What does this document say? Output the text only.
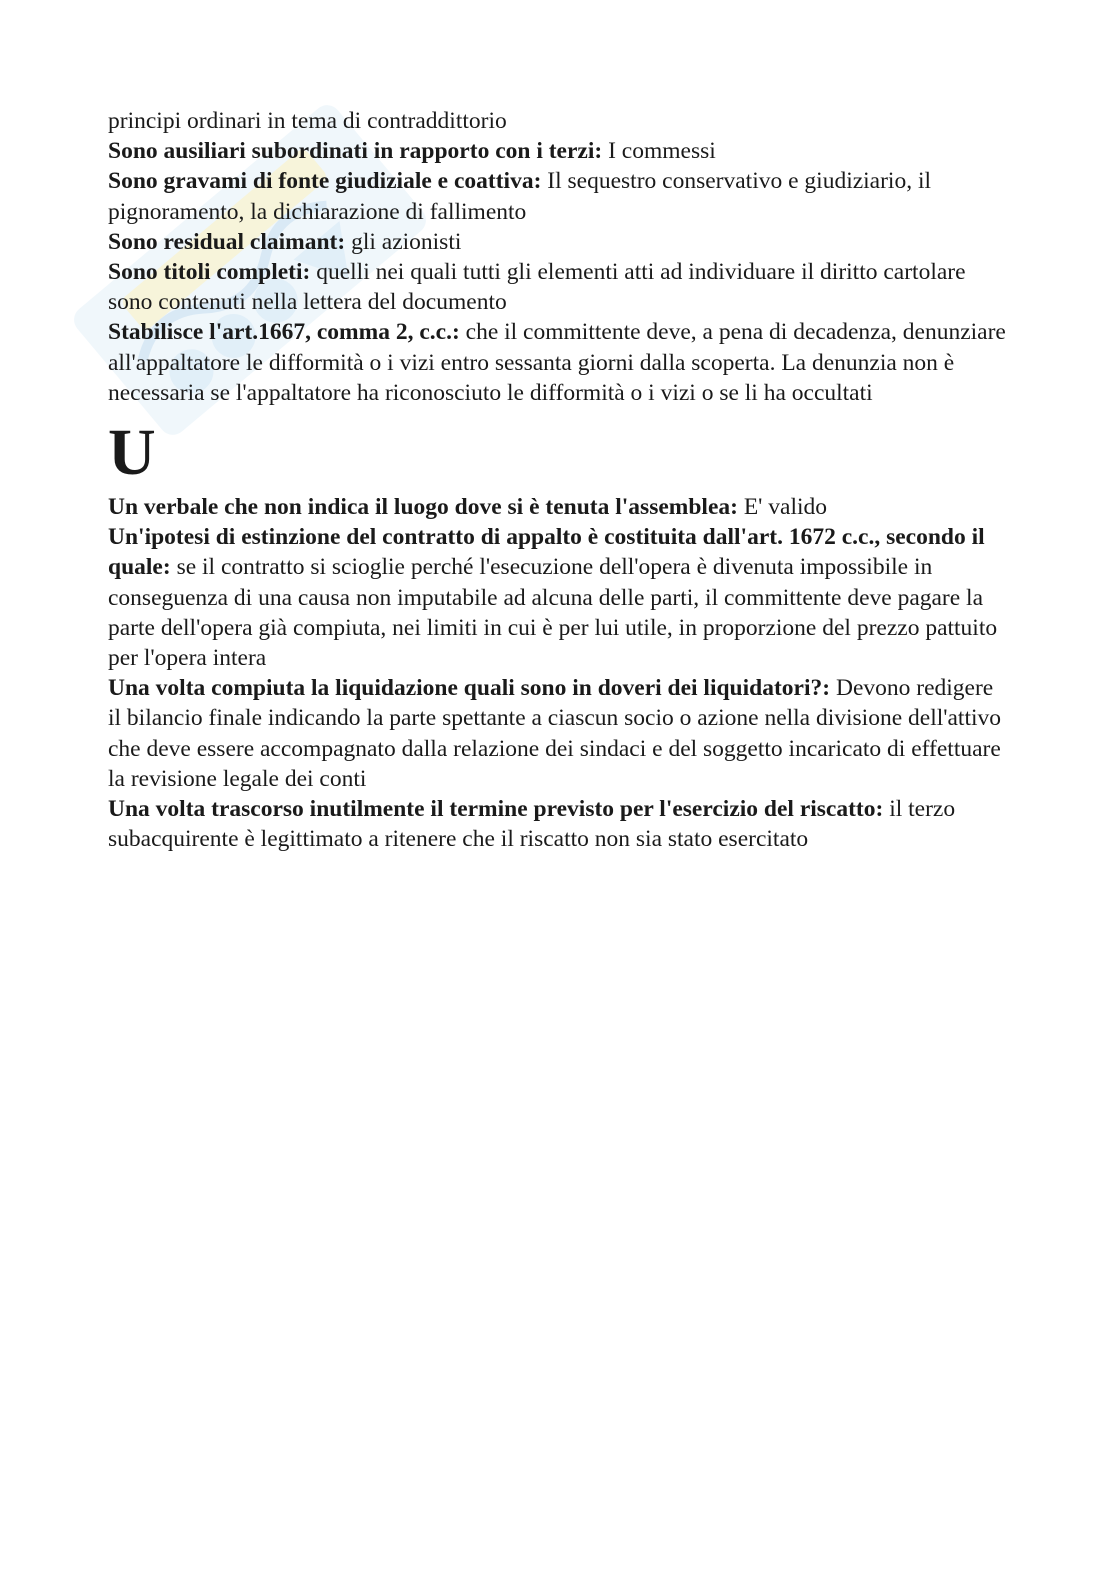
principi ordinari in tema di contraddittorio

Sono ausiliari subordinati in rapporto con i terzi: I commessi

Sono gravami di fonte giudiziale e coattiva: Il sequestro conservativo e giudiziario, il pignoramento, la dichiarazione di fallimento

Sono residual claimant: gli azionisti

Sono titoli completi: quelli nei quali tutti gli elementi atti ad individuare il diritto cartolare sono contenuti nella lettera del documento

Stabilisce l'art.1667, comma 2, c.c.: che il committente deve, a pena di decadenza, denunziare all'appaltatore le difformità o i vizi entro sessanta giorni dalla scoperta. La denunzia non è necessaria se l'appaltatore ha riconosciuto le difformità o i vizi o se li ha occultati

U

Un verbale che non indica il luogo dove si è tenuta l'assemblea: E' valido

Un'ipotesi di estinzione del contratto di appalto è costituita dall'art. 1672 c.c., secondo il quale: se il contratto si scioglie perché l'esecuzione dell'opera è divenuta impossibile in conseguenza di una causa non imputabile ad alcuna delle parti, il committente deve pagare la parte dell'opera già compiuta, nei limiti in cui è per lui utile, in proporzione del prezzo pattuito per l'opera intera

Una volta compiuta la liquidazione quali sono in doveri dei liquidatori?: Devono redigere il bilancio finale indicando la parte spettante a ciascun socio o azione nella divisione dell'attivo che deve essere accompagnato dalla relazione dei sindaci e del soggetto incaricato di effettuare la revisione legale dei conti

Una volta trascorso inutilmente il termine previsto per l'esercizio del riscatto: il terzo subacquirente è legittimato a ritenere che il riscatto non sia stato esercitato
